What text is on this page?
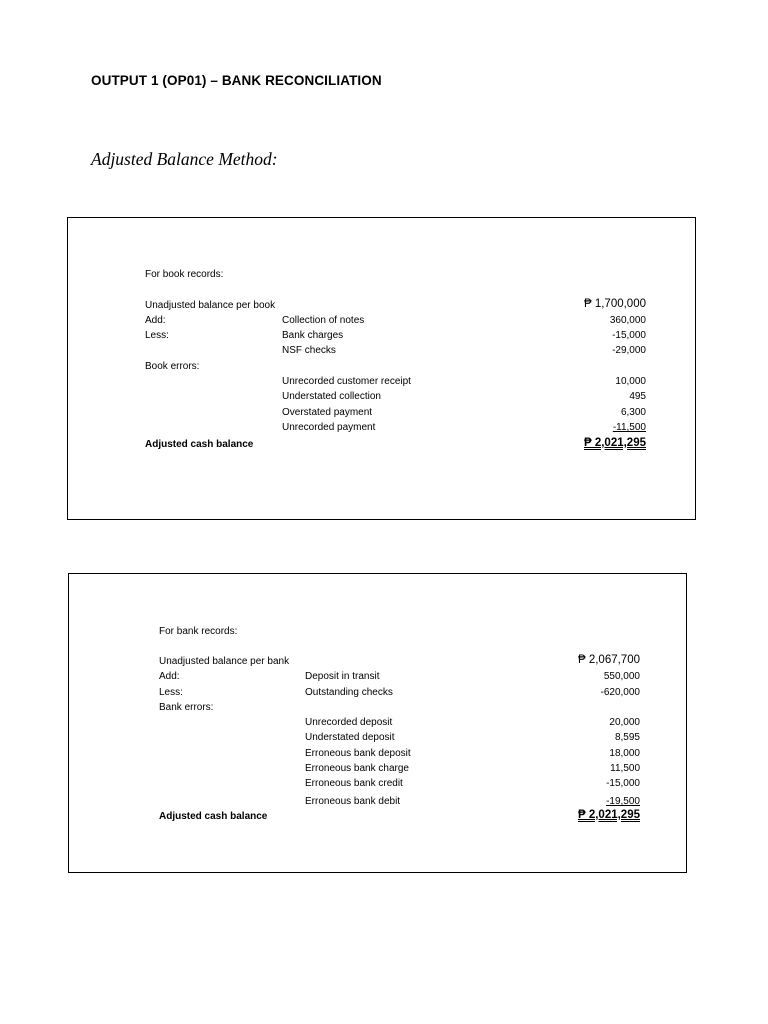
OUTPUT 1 (OP01) – BANK RECONCILIATION
Adjusted Balance Method:
For book records:
Unadjusted balance per book	₱ 1,700,000
Add:	Collection of notes	360,000
Less:	Bank charges	-15,000
NSF checks	-29,000
Book errors:
Unrecorded customer receipt	10,000
Understated collection	495
Overstated payment	6,300
Unrecorded payment	-11,500
Adjusted cash balance	₱ 2,021,295
For bank records:
Unadjusted balance per bank	₱ 2,067,700
Add:	Deposit in transit	550,000
Less:	Outstanding checks	-620,000
Bank errors:
Unrecorded deposit	20,000
Understated deposit	8,595
Erroneous bank deposit	18,000
Erroneous bank charge	11,500
Erroneous bank credit	-15,000
Erroneous bank debit	-19,500
Adjusted cash balance	₱ 2,021,295
